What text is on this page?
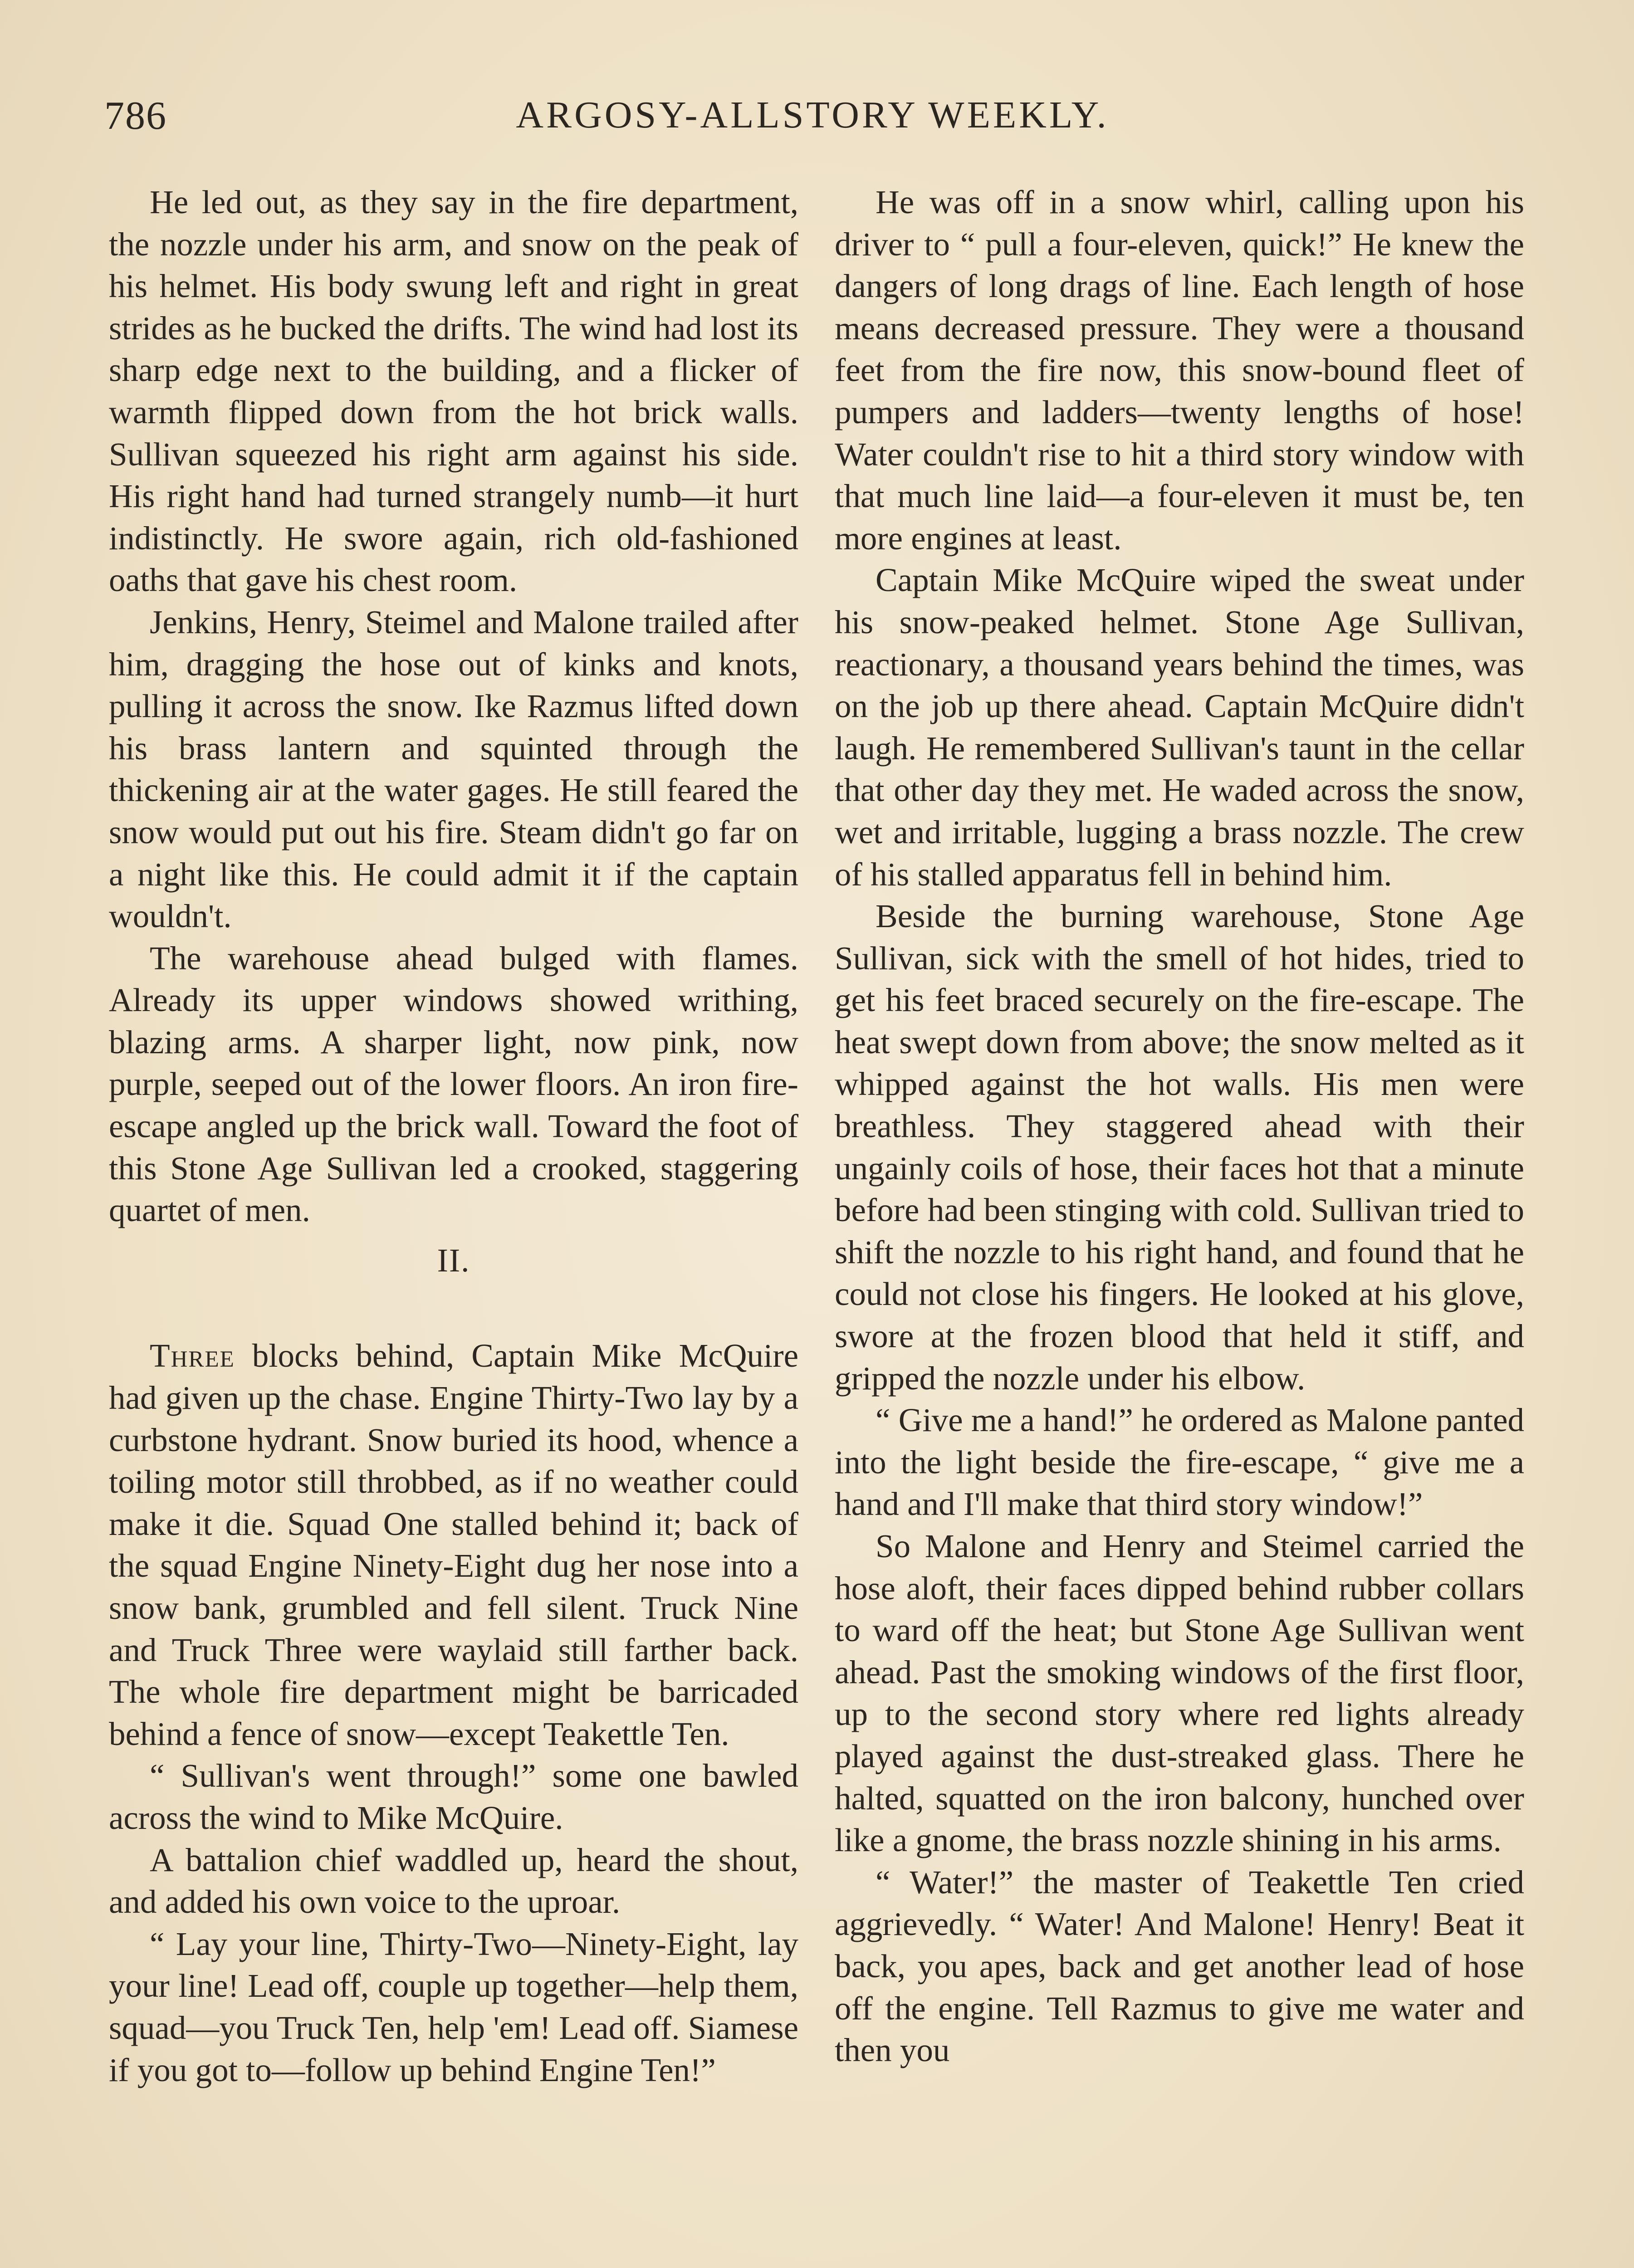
786	ARGOSY-ALLSTORY WEEKLY.

He led out, as they say in the fire department, the nozzle under his arm, and snow on the peak of his helmet. His body swung left and right in great strides as he bucked the drifts. The wind had lost its sharp edge next to the building, and a flicker of warmth flipped down from the hot brick walls. Sullivan squeezed his right arm against his side. His right hand had turned strangely numb—it hurt indistinctly. He swore again, rich old-fashioned oaths that gave his chest room.

Jenkins, Henry, Steimel and Malone trailed after him, dragging the hose out of kinks and knots, pulling it across the snow. Ike Razmus lifted down his brass lantern and squinted through the thickening air at the water gages. He still feared the snow would put out his fire. Steam didn't go far on a night like this. He could admit it if the captain wouldn't.

The warehouse ahead bulged with flames. Already its upper windows showed writhing, blazing arms. A sharper light, now pink, now purple, seeped out of the lower floors. An iron fire-escape angled up the brick wall. Toward the foot of this Stone Age Sullivan led a crooked, staggering quartet of men.

II.

Three blocks behind, Captain Mike McQuire had given up the chase. Engine Thirty-Two lay by a curbstone hydrant. Snow buried its hood, whence a toiling motor still throbbed, as if no weather could make it die. Squad One stalled behind it; back of the squad Engine Ninety-Eight dug her nose into a snow bank, grumbled and fell silent. Truck Nine and Truck Three were waylaid still farther back. The whole fire department might be barricaded behind a fence of snow—except Teakettle Ten.

“ Sullivan's went through!” some one bawled across the wind to Mike McQuire.

A battalion chief waddled up, heard the shout, and added his own voice to the uproar.

“ Lay your line, Thirty-Two—Ninety-Eight, lay your line! Lead off, couple up together—help them, squad—you Truck Ten, help 'em! Lead off. Siamese if you got to—follow up behind Engine Ten!”

He was off in a snow whirl, calling upon his driver to “ pull a four-eleven, quick!” He knew the dangers of long drags of line. Each length of hose means decreased pressure. They were a thousand feet from the fire now, this snow-bound fleet of pumpers and ladders—twenty lengths of hose! Water couldn't rise to hit a third story window with that much line laid—a four-eleven it must be, ten more engines at least.

Captain Mike McQuire wiped the sweat under his snow-peaked helmet. Stone Age Sullivan, reactionary, a thousand years behind the times, was on the job up there ahead. Captain McQuire didn't laugh. He remembered Sullivan's taunt in the cellar that other day they met. He waded across the snow, wet and irritable, lugging a brass nozzle. The crew of his stalled apparatus fell in behind him.

Beside the burning warehouse, Stone Age Sullivan, sick with the smell of hot hides, tried to get his feet braced securely on the fire-escape. The heat swept down from above; the snow melted as it whipped against the hot walls. His men were breathless. They staggered ahead with their ungainly coils of hose, their faces hot that a minute before had been stinging with cold. Sullivan tried to shift the nozzle to his right hand, and found that he could not close his fingers. He looked at his glove, swore at the frozen blood that held it stiff, and gripped the nozzle under his elbow.

“ Give me a hand!” he ordered as Malone panted into the light beside the fire-escape, “ give me a hand and I'll make that third story window!”

So Malone and Henry and Steimel carried the hose aloft, their faces dipped behind rubber collars to ward off the heat; but Stone Age Sullivan went ahead. Past the smoking windows of the first floor, up to the second story where red lights already played against the dust-streaked glass. There he halted, squatted on the iron balcony, hunched over like a gnome, the brass nozzle shining in his arms.

“ Water!” the master of Teakettle Ten cried aggrievedly. “ Water! And Malone! Henry! Beat it back, you apes, back and get another lead of hose off the engine. Tell Razmus to give me water and then you
